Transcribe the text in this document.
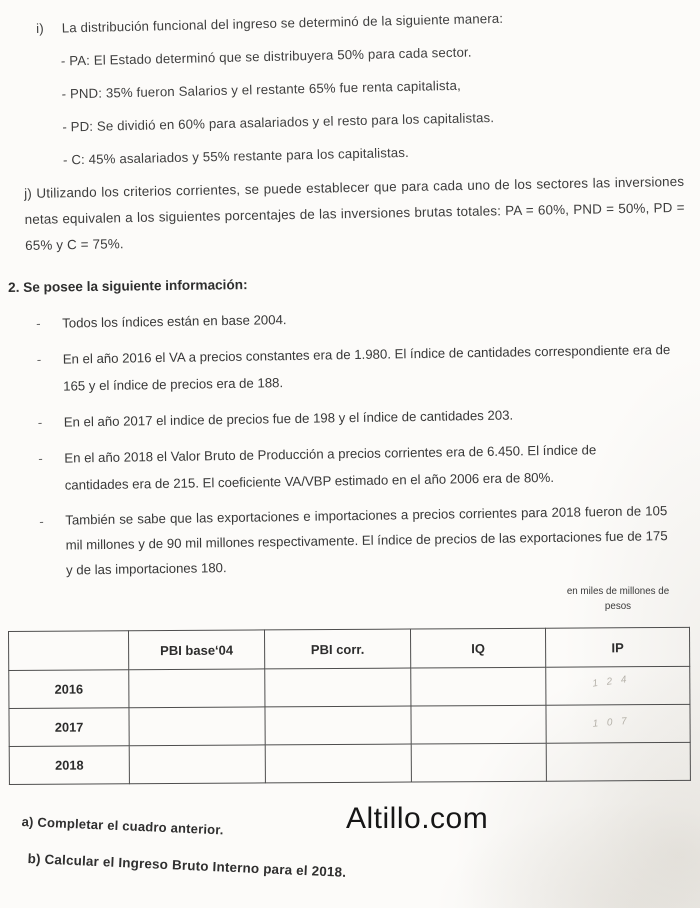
i) La distribución funcional del ingreso se determinó de la siguiente manera:
- PA: El Estado determinó que se distribuyera 50% para cada sector.
- PND: 35% fueron Salarios y el restante 65% fue renta capitalista,
- PD: Se dividió en 60% para asalariados y el resto para los capitalistas.
- C: 45% asalariados y 55% restante para los capitalistas.
j) Utilizando los criterios corrientes, se puede establecer que para cada uno de los sectores las inversiones netas equivalen a los siguientes porcentajes de las inversiones brutas totales: PA = 60%, PND = 50%, PD = 65% y C = 75%.
2. Se posee la siguiente información:
-	Todos los índices están en base 2004.
-	En el año 2016 el VA a precios constantes era de 1.980. El índice de cantidades correspondiente era de 165 y el índice de precios era de 188.
-	En el año 2017 el indice de precios fue de 198 y el índice de cantidades 203.
-	En el año 2018 el Valor Bruto de Producción a precios corrientes era de 6.450. El índice de cantidades era de 215. El coeficiente VA/VBP estimado en el año 2006 era de 80%.
-	También se sabe que las exportaciones e importaciones a precios corrientes para 2018 fueron de 105 mil millones y de 90 mil millones respectivamente. El índice de precios de las exportaciones fue de 175 y de las importaciones 180.
en miles de millones de
pesos
	PBI base‘04	PBI corr.	IQ	IP
2016				1 2 4

2017				1 0 7

2018				
a) Completar el cuadro anterior.	Altillo.com
b) Calcular el Ingreso Bruto Interno para el 2018.
